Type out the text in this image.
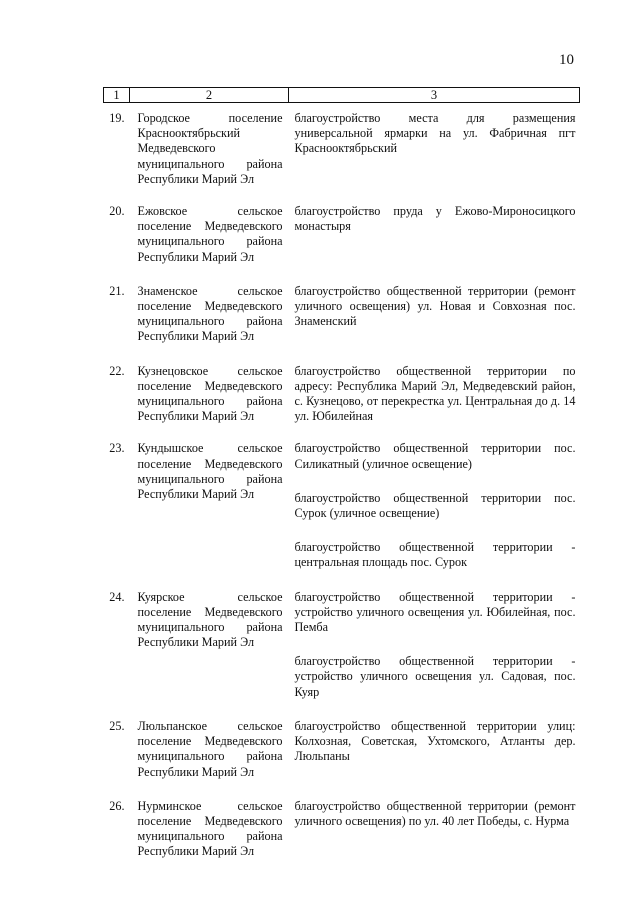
10
1	2	3
19.	Городское поселение Краснооктябрьский Медведевского муниципального района Республики Марий Эл	благоустройство места для размещения универсальной ярмарки на ул. Фабричная пгт Краснооктябрьский

20.	Ежовское сельское поселение Медведевского муниципального района Республики Марий Эл	благоустройство пруда у Ежово-Мироносицкого монастыря

21.	Знаменское сельское поселение Медведевского муниципального района Республики Марий Эл	благоустройство общественной территории (ремонт уличного освещения) ул. Новая и Совхозная пос. Знаменский

22.	Кузнецовское сельское поселение Медведевского муниципального района Республики Марий Эл	благоустройство общественной территории по адресу: Республика Марий Эл, Медведевский район, с. Кузнецово, от перекрестка ул. Центральная до д. 14 ул. Юбилейная

23.	Кундышское сельское поселение Медведевского муниципального района Республики Марий Эл	благоустройство общественной территории пос. Силикатный (уличное освещение)
благоустройство общественной территории пос. Сурок (уличное освещение)
благоустройство общественной территории - центральная площадь пос. Сурок

24.	Куярское сельское поселение Медведевского муниципального района Республики Марий Эл	благоустройство общественной территории - устройство уличного освещения ул. Юбилейная, пос. Пемба
благоустройство общественной территории - устройство уличного освещения ул. Садовая, пос. Куяр

25.	Люльпанское сельское поселение Медведевского муниципального района Республики Марий Эл	благоустройство общественной территории улиц: Колхозная, Советская, Ухтомского, Атланты дер. Люльпаны

26.	Нурминское сельское поселение Медведевского муниципального района Республики Марий Эл	благоустройство общественной территории (ремонт уличного освещения) по ул. 40 лет Победы, с. Нурма
